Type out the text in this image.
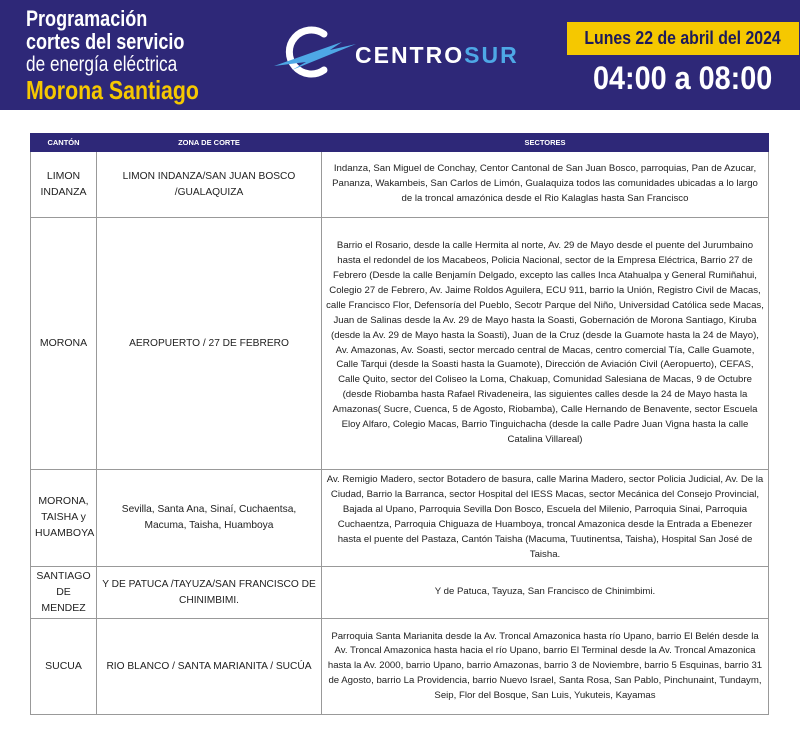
Programación
cortes del servicio
de energía eléctrica
Morona Santiago
CENTROSUR
Lunes 22 de abril del 2024
04:00 a 08:00
CANTÓN	ZONA DE CORTE	SECTORES
LIMON INDANZA	LIMON INDANZA/SAN JUAN BOSCO /GUALAQUIZA	Indanza, San Miguel de Conchay, Centor Cantonal de San Juan Bosco, parroquias, Pan de Azucar, Pananza, Wakambeis, San Carlos de Limón, Gualaquiza todos las comunidades ubicadas a lo largo de la troncal amazónica desde el Rio Kalaglas hasta San Francisco
MORONA	AEROPUERTO / 27 DE FEBRERO	Barrio el Rosario, desde la calle Hermita al norte, Av. 29 de Mayo desde el puente del Jurumbaino hasta el redondel de los Macabeos, Policia Nacional, sector de la Empresa Eléctrica, Barrio 27 de Febrero (Desde la calle Benjamín Delgado, excepto las calles Inca Atahualpa y General Rumiñahui, Colegio 27 de Febrero, Av. Jaime Roldos Aguilera, ECU 911, barrio la Unión, Registro Civil de Macas, calle Francisco Flor, Defensoría del Pueblo, Secotr Parque del Niño, Universidad Católica sede Macas, Juan de Salinas desde la Av. 29 de Mayo hasta la Soasti, Gobernación de Morona Santiago, Kiruba (desde la Av. 29 de Mayo hasta la Soasti), Juan de la Cruz (desde la Guamote hasta la 24 de Mayo), Av. Amazonas, Av. Soasti, sector mercado central de Macas, centro comercial Tía, Calle Guamote, Calle Tarqui (desde la Soasti hasta la Guamote), Dirección de Aviación Civil (Aeropuerto), CEFAS, Calle Quito, sector del Coliseo la Loma, Chakuap, Comunidad Salesiana de Macas, 9 de Octubre (desde Riobamba hasta Rafael Rivadeneira, las siguientes calles desde la 24 de Mayo hasta la Amazonas( Sucre, Cuenca, 5 de Agosto, Riobamba), Calle Hernando de Benavente, sector Escuela Eloy Alfaro, Colegio Macas, Barrio Tinguichacha (desde la calle Padre Juan Vigna hasta la calle Catalina Villareal)
MORONA, TAISHA y HUAMBOYA	Sevilla, Santa Ana, Sinaí, Cuchaentsa, Macuma, Taisha, Huamboya	Av. Remigio Madero, sector Botadero de basura, calle Marina Madero, sector Policia Judicial, Av. De la Ciudad, Barrio la Barranca, sector Hospital del IESS Macas, sector Mecánica del Consejo Provincial, Bajada al Upano, Parroquia Sevilla Don Bosco, Escuela del Milenio, Parroquia Sinai, Parroquia Cuchaentza, Parroquia Chiguaza de Huamboya, troncal Amazonica desde la Entrada a Ebenezer hasta el puente del Pastaza, Cantón Taisha (Macuma, Tuutinentsa, Taisha), Hospital San José de Taisha.
SANTIAGO DE MENDEZ	Y DE PATUCA /TAYUZA/SAN FRANCISCO DE CHINIMBIMI.	Y de Patuca, Tayuza, San Francisco de Chinimbimi.
SUCUA	RIO BLANCO / SANTA MARIANITA / SUCÚA	Parroquia Santa Marianita desde la Av. Troncal Amazonica hasta río Upano, barrio El Belén desde la Av. Troncal Amazonica hasta hacia el río Upano, barrio El Terminal desde la Av. Troncal Amazonica hasta la Av. 2000, barrio Upano, barrio Amazonas, barrio 3 de Noviembre, barrio 5 Esquinas, barrio 31 de Agosto, barrio La Providencia, barrio Nuevo Israel, Santa Rosa, San Pablo, Pinchunaint, Tundaym, Seip, Flor del Bosque, San Luis, Yukuteis, Kayamas
